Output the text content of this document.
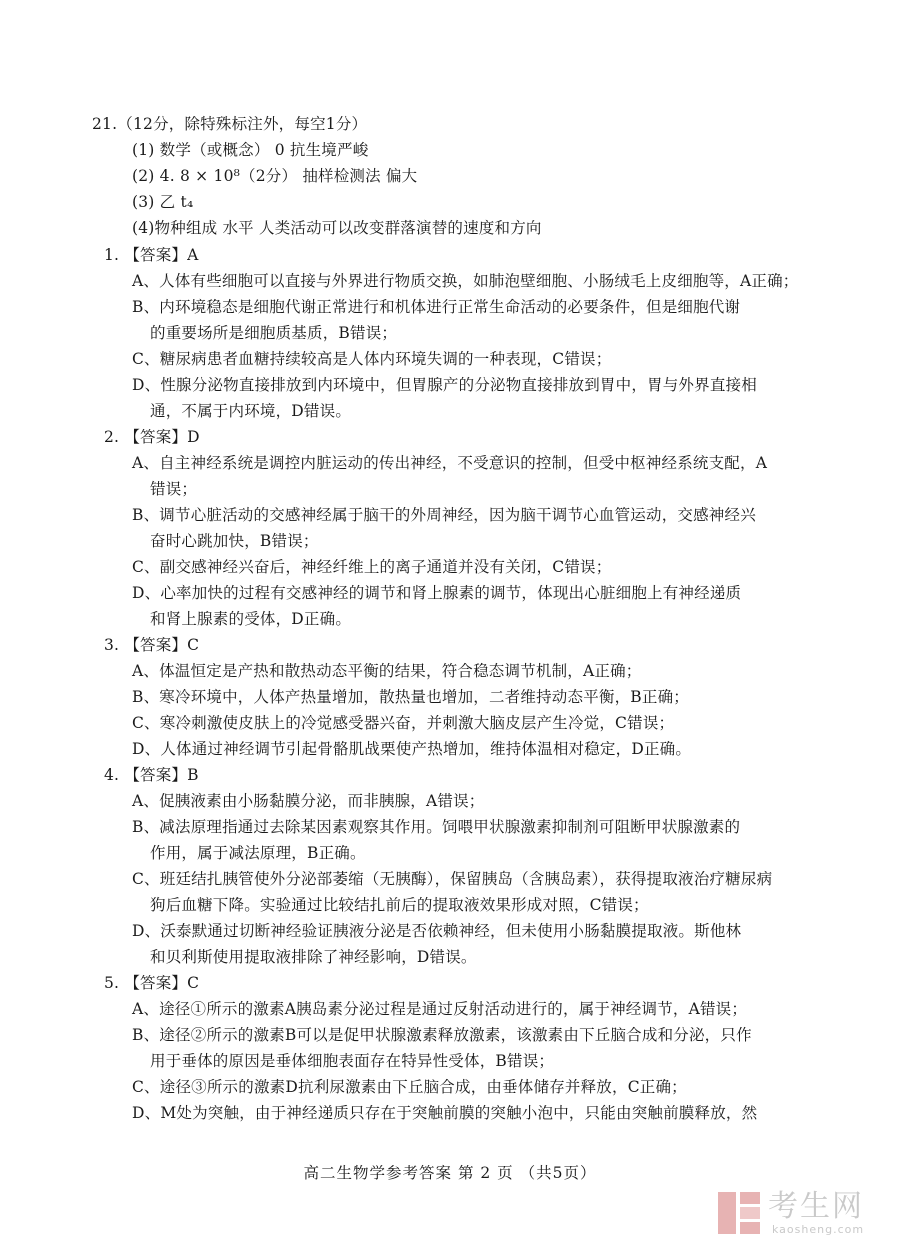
21.（12分，除特殊标注外，每空1分）
(1) 数学（或概念） 0 抗生境严峻
(2) 4. 8 × 10⁸（2分） 抽样检测法 偏大
(3) 乙 t₄
(4)物种组成 水平 人类活动可以改变群落演替的速度和方向
1. 【答案】A
A、人体有些细胞可以直接与外界进行物质交换，如肺泡壁细胞、小肠绒毛上皮细胞等，A正确；
B、内环境稳态是细胞代谢正常进行和机体进行正常生命活动的必要条件，但是细胞代谢
的重要场所是细胞质基质，B错误；
C、糖尿病患者血糖持续较高是人体内环境失调的一种表现，C错误；
D、性腺分泌物直接排放到内环境中，但胃腺产的分泌物直接排放到胃中，胃与外界直接相
通，不属于内环境，D错误。
2. 【答案】D
A、自主神经系统是调控内脏运动的传出神经，不受意识的控制，但受中枢神经系统支配，A
错误；
B、调节心脏活动的交感神经属于脑干的外周神经，因为脑干调节心血管运动，交感神经兴
奋时心跳加快，B错误；
C、副交感神经兴奋后，神经纤维上的离子通道并没有关闭，C错误；
D、心率加快的过程有交感神经的调节和肾上腺素的调节，体现出心脏细胞上有神经递质
和肾上腺素的受体，D正确。
3. 【答案】C
A、体温恒定是产热和散热动态平衡的结果，符合稳态调节机制，A正确；
B、寒冷环境中，人体产热量增加，散热量也增加，二者维持动态平衡，B正确；
C、寒冷刺激使皮肤上的冷觉感受器兴奋，并刺激大脑皮层产生冷觉，C错误；
D、人体通过神经调节引起骨骼肌战栗使产热增加，维持体温相对稳定，D正确。
4. 【答案】B
A、促胰液素由小肠黏膜分泌，而非胰腺，A错误；
B、减法原理指通过去除某因素观察其作用。饲喂甲状腺激素抑制剂可阻断甲状腺激素的
作用，属于减法原理，B正确。
C、班廷结扎胰管使外分泌部萎缩（无胰酶），保留胰岛（含胰岛素），获得提取液治疗糖尿病
狗后血糖下降。实验通过比较结扎前后的提取液效果形成对照，C错误；
D、沃泰默通过切断神经验证胰液分泌是否依赖神经，但未使用小肠黏膜提取液。斯他林
和贝利斯使用提取液排除了神经影响，D错误。
5. 【答案】C
A、途径①所示的激素A胰岛素分泌过程是通过反射活动进行的，属于神经调节，A错误；
B、途径②所示的激素B可以是促甲状腺激素释放激素，该激素由下丘脑合成和分泌，只作
用于垂体的原因是垂体细胞表面存在特异性受体，B错误；
C、途径③所示的激素D抗利尿激素由下丘脑合成，由垂体储存并释放，C正确；
D、M处为突触，由于神经递质只存在于突触前膜的突触小泡中，只能由突触前膜释放，然
高二生物学参考答案 第 2 页 （共5页）
考生网
kaosheng.com
